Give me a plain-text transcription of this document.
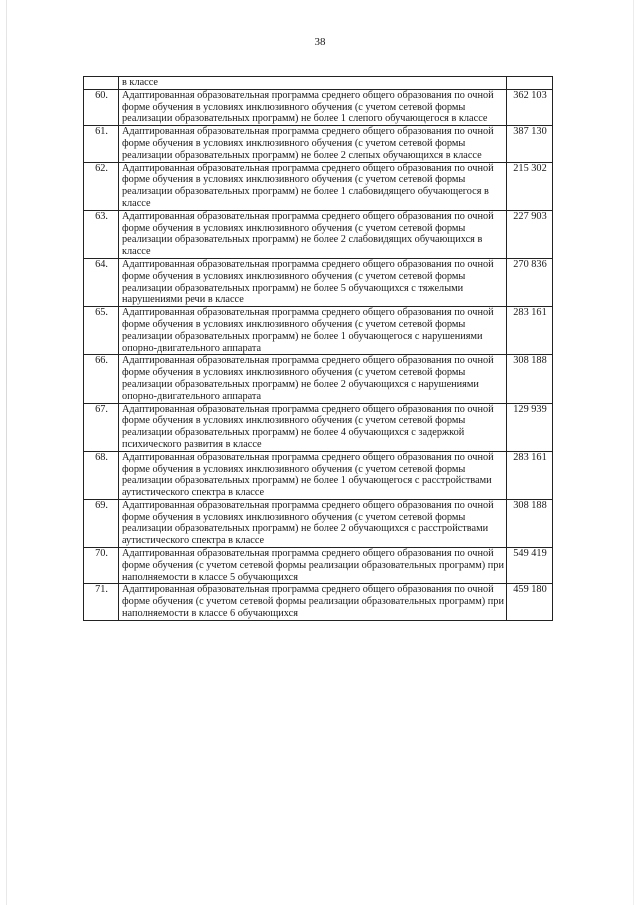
38
	в классе	
60.	Адаптированная образовательная программа среднего общего образования по очной форме обучения в условиях инклюзивного обучения (с учетом сетевой формы реализации образовательных программ) не более 1 слепого обучающегося в классе	362 103
61.	Адаптированная образовательная программа среднего общего образования по очной форме обучения в условиях инклюзивного обучения (с учетом сетевой формы реализации образовательных программ) не более 2 слепых обучающихся в классе	387 130
62.	Адаптированная образовательная программа среднего общего образования по очной форме обучения в условиях инклюзивного обучения (с учетом сетевой формы реализации образовательных программ) не более 1 слабовидящего обучающегося в классе	215 302
63.	Адаптированная образовательная программа среднего общего образования по очной форме обучения в условиях инклюзивного обучения (с учетом сетевой формы реализации образовательных программ) не более 2 слабовидящих обучающихся в классе	227 903
64.	Адаптированная образовательная программа среднего общего образования по очной форме обучения в условиях инклюзивного обучения (с учетом сетевой формы реализации образовательных программ) не более 5 обучающихся с тяжелыми нарушениями речи в классе	270 836
65.	Адаптированная образовательная программа среднего общего образования по очной форме обучения в условиях инклюзивного обучения (с учетом сетевой формы реализации образовательных программ) не более 1 обучающегося с нарушениями опорно-двигательного аппарата	283 161
66.	Адаптированная образовательная программа среднего общего образования по очной форме обучения в условиях инклюзивного обучения (с учетом сетевой формы реализации образовательных программ) не более 2 обучающихся с нарушениями опорно-двигательного аппарата	308 188
67.	Адаптированная образовательная программа среднего общего образования по очной форме обучения в условиях инклюзивного обучения (с учетом сетевой формы реализации образовательных программ) не более 4 обучающихся с задержкой психического развития в классе	129 939
68.	Адаптированная образовательная программа среднего общего образования по очной форме обучения в условиях инклюзивного обучения (с учетом сетевой формы реализации образовательных программ) не более 1 обучающегося с расстройствами аутистического спектра в классе	283 161
69.	Адаптированная образовательная программа среднего общего образования по очной форме обучения в условиях инклюзивного обучения (с учетом сетевой формы реализации образовательных программ) не более 2 обучающихся с расстройствами аутистического спектра в классе	308 188
70.	Адаптированная образовательная программа среднего общего образования по очной форме обучения (с учетом сетевой формы реализации образовательных программ) при наполняемости в классе 5 обучающихся	549 419
71.	Адаптированная образовательная программа среднего общего образования по очной форме обучения (с учетом сетевой формы реализации образовательных программ) при наполняемости в классе 6 обучающихся	459 180
